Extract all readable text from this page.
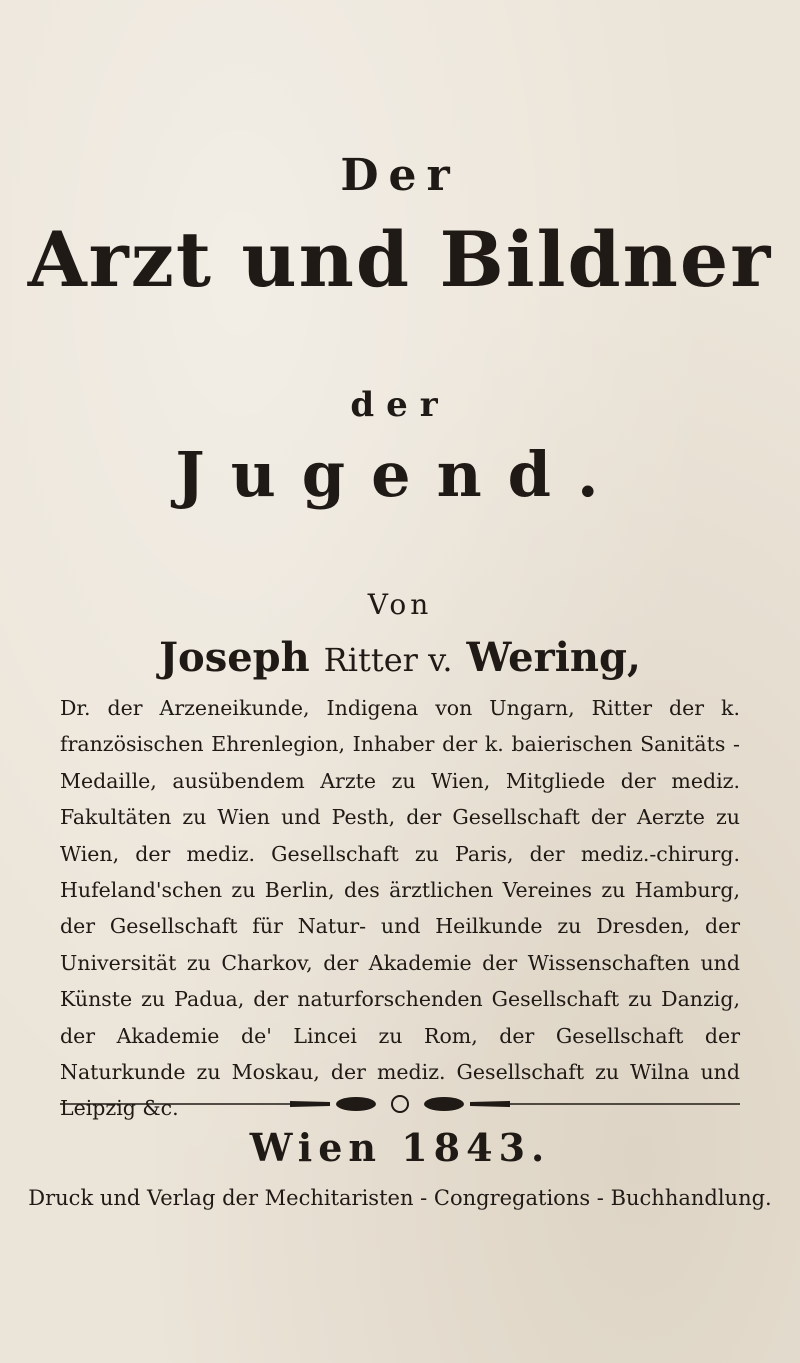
Der
Arzt und Bildner
der
Jugend.
Von
Joseph Ritter v. Wering,
Dr. der Arzeneikunde, Indigena von Ungarn, Ritter der k. französischen Ehrenlegion, Inhaber der k. baierischen Sanitäts - Medaille, ausübendem Arzte zu Wien, Mitgliede der mediz. Fakultäten zu Wien und Pesth, der Gesellschaft der Aerzte zu Wien, der mediz. Gesellschaft zu Paris, der mediz.-chirurg. Hufeland'schen zu Berlin, des ärztlichen Vereines zu Hamburg, der Gesellschaft für Natur- und Heilkunde zu Dresden, der Universität zu Charkov, der Akademie der Wissenschaften und Künste zu Padua, der naturforschenden Gesellschaft zu Danzig, der Akademie de' Lincei zu Rom, der Gesellschaft der Naturkunde zu Moskau, der mediz. Gesellschaft zu Wilna und Leipzig &c.
Wien 1843.
Druck und Verlag der Mechitaristen - Congregations - Buchhandlung.
